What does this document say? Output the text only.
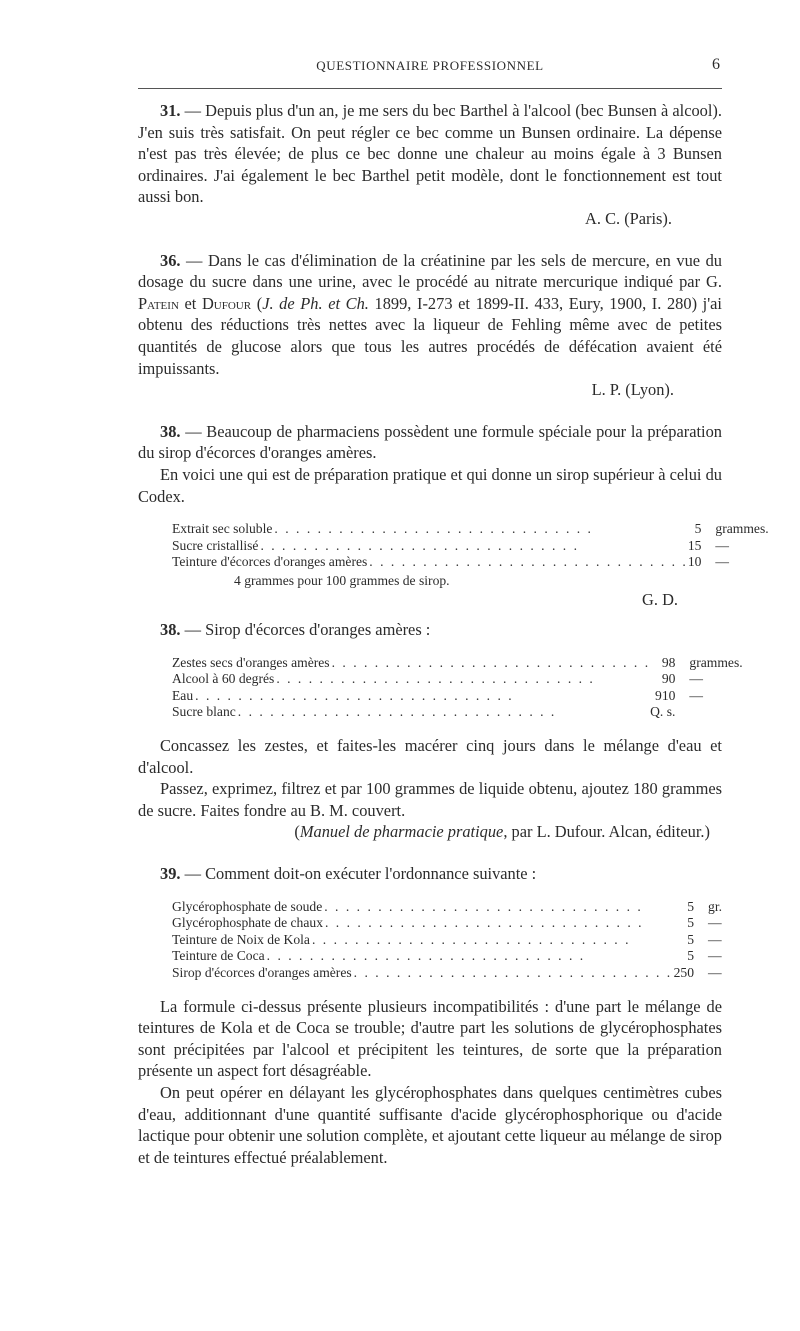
QUESTIONNAIRE PROFESSIONNEL	6

31. — Depuis plus d'un an, je me sers du bec Barthel à l'alcool (bec Bunsen à alcool). J'en suis très satisfait. On peut régler ce bec comme un Bunsen ordinaire. La dépense n'est pas très élevée; de plus ce bec donne une chaleur au moins égale à 3 Bunsen ordinaires. J'ai également le bec Barthel petit modèle, dont le fonctionnement est tout aussi bon.

A. C. (Paris).

36. — Dans le cas d'élimination de la créatinine par les sels de mercure, en vue du dosage du sucre dans une urine, avec le procédé au nitrate mercurique indiqué par G. Patein et Dufour (J. de Ph. et Ch. 1899, I-273 et 1899-II. 433, Eury, 1900, I. 280) j'ai obtenu des réductions très nettes avec la liqueur de Fehling même avec de petites quantités de glucose alors que tous les autres procédés de défécation avaient été impuissants.

L. P. (Lyon).

38. — Beaucoup de pharmaciens possèdent une formule spéciale pour la préparation du sirop d'écorces d'oranges amères.

En voici une qui est de préparation pratique et qui donne un sirop supérieur à celui du Codex.

Extrait sec soluble . . . . . . . . . . . . . . . . . . . . . . . . . . . . . .	5	grammes.
Sucre cristallisé . . . . . . . . . . . . . . . . . . . . . . . . . . . . . .	15	—
Teinture d'écorces d'oranges amères . . . . . . . . . . . . . . . . . . . . . . . . . . . . . .	10	—

4 grammes pour 100 grammes de sirop.

G. D.

38. — Sirop d'écorces d'oranges amères :

Zestes secs d'oranges amères . . . . . . . . . . . . . . . . . . . . . . . . . . . . . .	98	grammes.
Alcool à 60 degrés . . . . . . . . . . . . . . . . . . . . . . . . . . . . . .	90	—
Eau . . . . . . . . . . . . . . . . . . . . . . . . . . . . . .	910	—
Sucre blanc . . . . . . . . . . . . . . . . . . . . . . . . . . . . . .	Q. s.	

Concassez les zestes, et faites-les macérer cinq jours dans le mélange d'eau et d'alcool.

Passez, exprimez, filtrez et par 100 grammes de liquide obtenu, ajoutez 180 grammes de sucre. Faites fondre au B. M. couvert.

(Manuel de pharmacie pratique, par L. Dufour. Alcan, éditeur.)

39. — Comment doit-on exécuter l'ordonnance suivante :

Glycérophosphate de soude . . . . . . . . . . . . . . . . . . . . . . . . . . . . . .	5	gr.
Glycérophosphate de chaux . . . . . . . . . . . . . . . . . . . . . . . . . . . . . .	5	—
Teinture de Noix de Kola . . . . . . . . . . . . . . . . . . . . . . . . . . . . . .	5	—
Teinture de Coca . . . . . . . . . . . . . . . . . . . . . . . . . . . . . .	5	—
Sirop d'écorces d'oranges amères . . . . . . . . . . . . . . . . . . . . . . . . . . . . . .	250	—

La formule ci-dessus présente plusieurs incompatibilités : d'une part le mélange de teintures de Kola et de Coca se trouble; d'autre part les solutions de glycérophosphates sont précipitées par l'alcool et précipitent les teintures, de sorte que la préparation présente un aspect fort désagréable.

On peut opérer en délayant les glycérophosphates dans quelques centimètres cubes d'eau, additionnant d'une quantité suffisante d'acide glycérophosphorique ou d'acide lactique pour obtenir une solution complète, et ajoutant cette liqueur au mélange de sirop et de teintures effectué préalablement.
